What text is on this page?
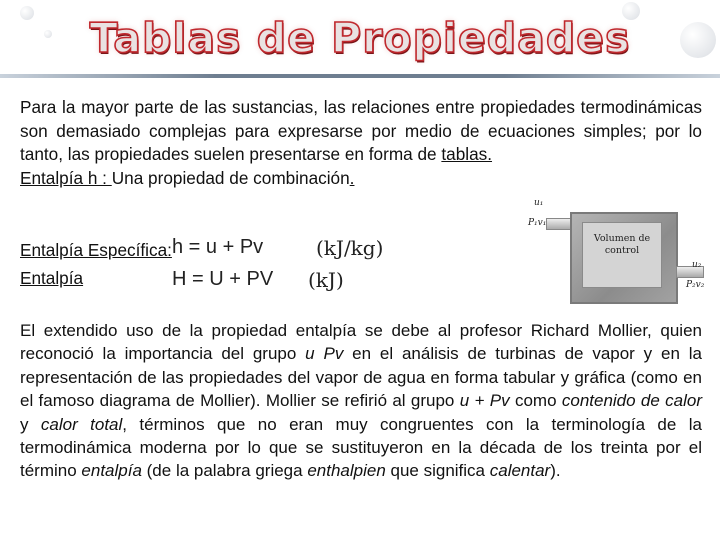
Tablas de Propiedades
Para la mayor parte de las sustancias, las relaciones entre propiedades termodinámicas son demasiado complejas para expresarse por medio de ecuaciones simples; por lo tanto, las propiedades suelen presentarse en forma de tablas.
Entalpía h : Una propiedad de combinación.
Entalpía Específica: h = u + Pv	(kJ/kg)
Entalpía	H = U + PV (kJ)
u₁
P₁v₁
Volumen de control
u₂
P₂v₂
El extendido uso de la propiedad entalpía se debe al profesor Richard Mollier, quien reconoció la importancia del grupo u Pv en el análisis de turbinas de vapor y en la representación de las propiedades del vapor de agua en forma tabular y gráfica (como en el famoso diagrama de Mollier). Mollier se refirió al grupo u + Pv como contenido de calor y calor total, términos que no eran muy congruentes con la terminología de la termodinámica moderna por lo que se sustituyeron en la década de los treinta por el término entalpía (de la palabra griega enthalpien que significa calentar).
